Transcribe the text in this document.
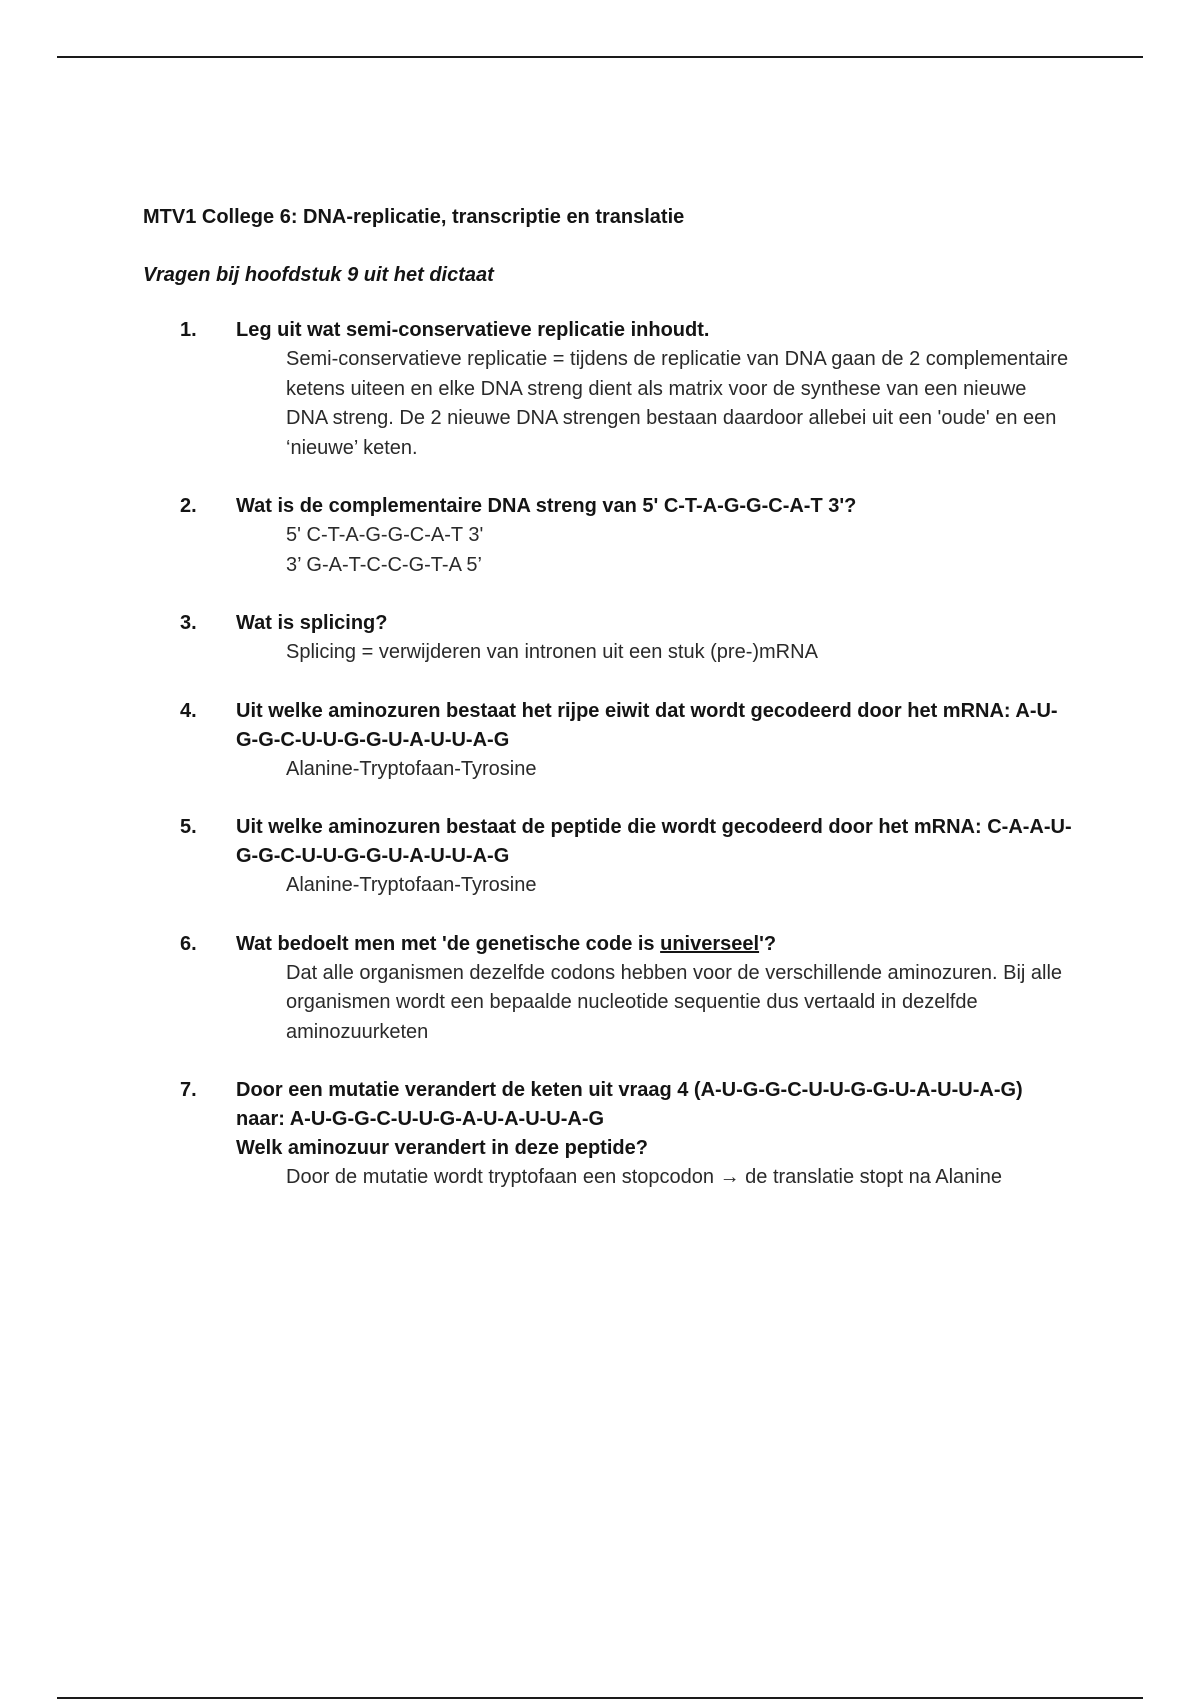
MTV1 College 6: DNA-replicatie, transcriptie en translatie
Vragen bij hoofdstuk 9 uit het dictaat
1. Leg uit wat semi-conservatieve replicatie inhoudt.
Semi-conservatieve replicatie = tijdens de replicatie van DNA gaan de 2 complementaire ketens uiteen en elke DNA streng dient als matrix voor de synthese van een nieuwe DNA streng. De 2 nieuwe DNA strengen bestaan daardoor allebei uit een 'oude' en een ‘nieuwe’ keten.
2. Wat is de complementaire DNA streng van 5' C-T-A-G-G-C-A-T 3'?
5' C-T-A-G-G-C-A-T 3'
3’ G-A-T-C-C-G-T-A 5’
3. Wat is splicing?
Splicing = verwijderen van intronen uit een stuk (pre-)mRNA
4. Uit welke aminozuren bestaat het rijpe eiwit dat wordt gecodeerd door het mRNA: A-U-G-G-C-U-U-G-G-U-A-U-U-A-G
Alanine-Tryptofaan-Tyrosine
5. Uit welke aminozuren bestaat de peptide die wordt gecodeerd door het mRNA: C-A-A-U-G-G-C-U-U-G-G-U-A-U-U-A-G
Alanine-Tryptofaan-Tyrosine
6. Wat bedoelt men met 'de genetische code is universeel'?
Dat alle organismen dezelfde codons hebben voor de verschillende aminozuren. Bij alle organismen wordt een bepaalde nucleotide sequentie dus vertaald in dezelfde aminozuurketen
7. Door een mutatie verandert de keten uit vraag 4 (A-U-G-G-C-U-U-G-G-U-A-U-U-A-G) naar: A-U-G-G-C-U-U-G-A-U-A-U-U-A-G
Welk aminozuur verandert in deze peptide?
Door de mutatie wordt tryptofaan een stopcodon → de translatie stopt na Alanine
